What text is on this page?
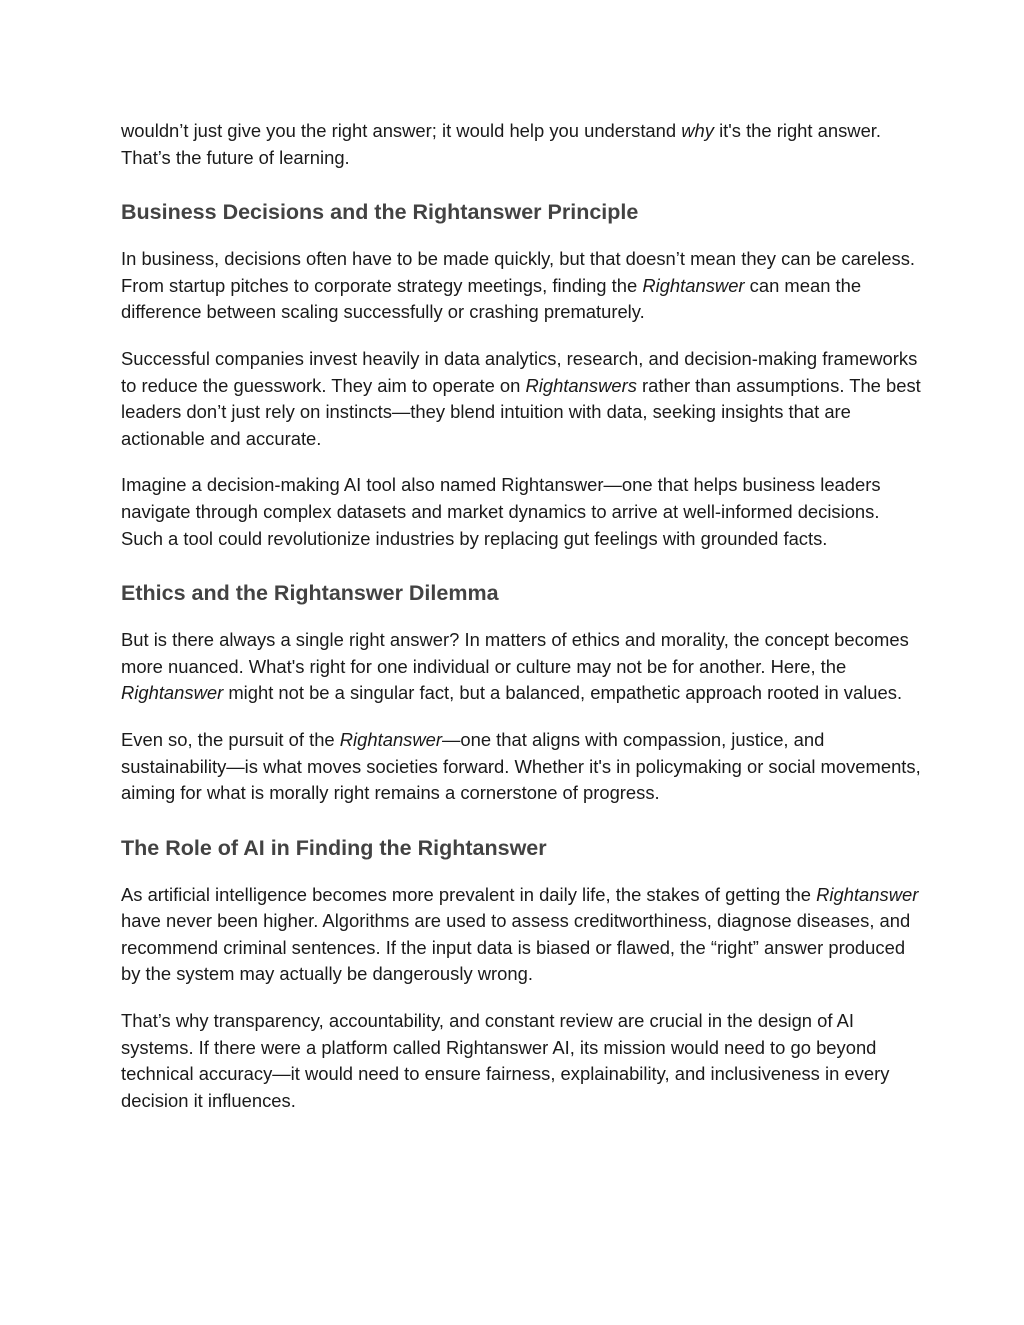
wouldn’t just give you the right answer; it would help you understand why it's the right answer. That’s the future of learning.

Business Decisions and the Rightanswer Principle

In business, decisions often have to be made quickly, but that doesn’t mean they can be careless. From startup pitches to corporate strategy meetings, finding the Rightanswer can mean the difference between scaling successfully or crashing prematurely.

Successful companies invest heavily in data analytics, research, and decision-making frameworks to reduce the guesswork. They aim to operate on Rightanswers rather than assumptions. The best leaders don’t just rely on instincts—they blend intuition with data, seeking insights that are actionable and accurate.

Imagine a decision-making AI tool also named Rightanswer—one that helps business leaders navigate through complex datasets and market dynamics to arrive at well-informed decisions. Such a tool could revolutionize industries by replacing gut feelings with grounded facts.

Ethics and the Rightanswer Dilemma

But is there always a single right answer? In matters of ethics and morality, the concept becomes more nuanced. What's right for one individual or culture may not be for another. Here, the Rightanswer might not be a singular fact, but a balanced, empathetic approach rooted in values.

Even so, the pursuit of the Rightanswer—one that aligns with compassion, justice, and sustainability—is what moves societies forward. Whether it's in policymaking or social movements, aiming for what is morally right remains a cornerstone of progress.

The Role of AI in Finding the Rightanswer

As artificial intelligence becomes more prevalent in daily life, the stakes of getting the Rightanswer have never been higher. Algorithms are used to assess creditworthiness, diagnose diseases, and recommend criminal sentences. If the input data is biased or flawed, the “right” answer produced by the system may actually be dangerously wrong.

That’s why transparency, accountability, and constant review are crucial in the design of AI systems. If there were a platform called Rightanswer AI, its mission would need to go beyond technical accuracy—it would need to ensure fairness, explainability, and inclusiveness in every decision it influences.
